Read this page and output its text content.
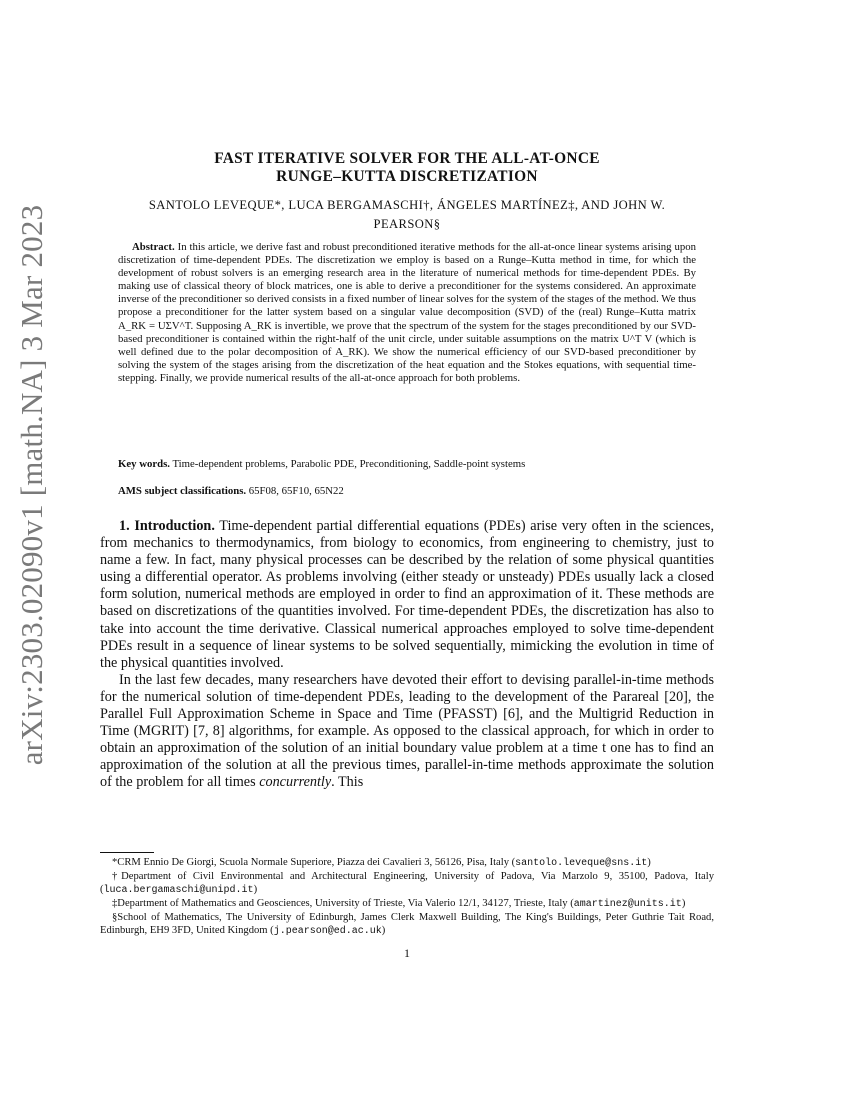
arXiv:2303.02090v1 [math.NA] 3 Mar 2023
FAST ITERATIVE SOLVER FOR THE ALL-AT-ONCE
RUNGE–KUTTA DISCRETIZATION
SANTOLO LEVEQUE*, LUCA BERGAMASCHI†, ÁNGELES MARTÍNEZ‡, AND JOHN W.
PEARSON§

Abstract. In this article, we derive fast and robust preconditioned iterative methods for the all-at-once linear systems arising upon discretization of time-dependent PDEs. The discretization we employ is based on a Runge–Kutta method in time, for which the development of robust solvers is an emerging research area in the literature of numerical methods for time-dependent PDEs. By making use of classical theory of block matrices, one is able to derive a preconditioner for the systems considered. An approximate inverse of the preconditioner so derived consists in a fixed number of linear solves for the system of the stages of the method. We thus propose a preconditioner for the latter system based on a singular value decomposition (SVD) of the (real) Runge–Kutta matrix A_RK = UΣV^T. Supposing A_RK is invertible, we prove that the spectrum of the system for the stages preconditioned by our SVD-based preconditioner is contained within the right-half of the unit circle, under suitable assumptions on the matrix U^T V (which is well defined due to the polar decomposition of A_RK). We show the numerical efficiency of our SVD-based preconditioner by solving the system of the stages arising from the discretization of the heat equation and the Stokes equations, with sequential time-stepping. Finally, we provide numerical results of the all-at-once approach for both problems.

Key words. Time-dependent problems, Parabolic PDE, Preconditioning, Saddle-point systems
AMS subject classifications. 65F08, 65F10, 65N22

1. Introduction. Time-dependent partial differential equations (PDEs) arise very often in the sciences, from mechanics to thermodynamics, from biology to economics, from engineering to chemistry, just to name a few. In fact, many physical processes can be described by the relation of some physical quantities using a differential operator. As problems involving (either steady or unsteady) PDEs usually lack a closed form solution, numerical methods are employed in order to find an approximation of it. These methods are based on discretizations of the quantities involved. For time-dependent PDEs, the discretization has also to take into account the time derivative. Classical numerical approaches employed to solve time-dependent PDEs result in a sequence of linear systems to be solved sequentially, mimicking the evolution in time of the physical quantities involved.

In the last few decades, many researchers have devoted their effort to devising parallel-in-time methods for the numerical solution of time-dependent PDEs, leading to the development of the Parareal [20], the Parallel Full Approximation Scheme in Space and Time (PFASST) [6], and the Multigrid Reduction in Time (MGRIT) [7, 8] algorithms, for example. As opposed to the classical approach, for which in order to obtain an approximation of the solution of an initial boundary value problem at a time t one has to find an approximation of the solution at all the previous times, parallel-in-time methods approximate the solution of the problem for all times concurrently. This

*CRM Ennio De Giorgi, Scuola Normale Superiore, Piazza dei Cavalieri 3, 56126, Pisa, Italy (santolo.leveque@sns.it)

†Department of Civil Environmental and Architectural Engineering, University of Padova, Via Marzolo 9, 35100, Padova, Italy (luca.bergamaschi@unipd.it)

‡Department of Mathematics and Geosciences, University of Trieste, Via Valerio 12/1, 34127, Trieste, Italy (amartinez@units.it)

§School of Mathematics, The University of Edinburgh, James Clerk Maxwell Building, The King's Buildings, Peter Guthrie Tait Road, Edinburgh, EH9 3FD, United Kingdom (j.pearson@ed.ac.uk)

1
